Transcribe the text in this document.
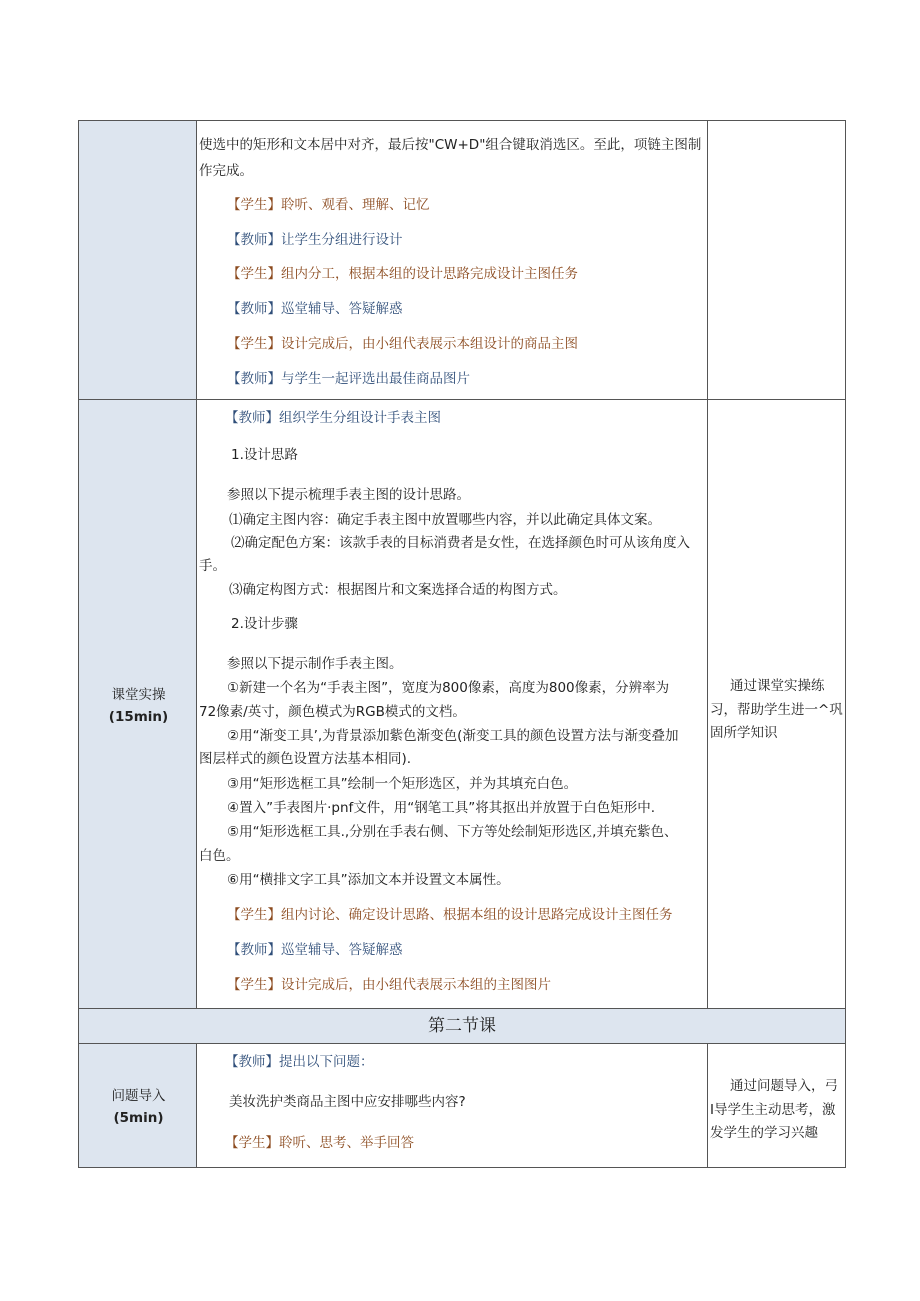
使选中的矩形和文本居中对齐，最后按"CW+D"组合键取消选区。至此，项链主图制
作完成。
【学生】聆听、观看、理解、记忆
【教师】让学生分组进行设计
【学生】组内分工，根据本组的设计思路完成设计主图任务
【教师】巡堂辅导、答疑解惑
【学生】设计完成后，由小组代表展示本组设计的商品主图
【教师】与学生一起评选出最佳商品图片
课堂实操
(15min)
【教师】组织学生分组设计手表主图
1.设计思路
参照以下提示梳理手表主图的设计思路。
⑴确定主图内容：确定手表主图中放置哪些内容，并以此确定具体文案。
⑵确定配色方案：该款手表的目标消费者是女性，在选择颜色时可从该角度入
手。
⑶确定构图方式：根据图片和文案选择合适的构图方式。
2.设计步骤
参照以下提示制作手表主图。
①新建一个名为“手表主图”，宽度为800像素，高度为800像素，分辨率为
72像素/英寸，颜色模式为RGB模式的文档。
②用“渐变工具’,为背景添加紫色渐变色(渐变工具的颜色设置方法与渐变叠加
图层样式的颜色设置方法基本相同).
③用“矩形选框工具”绘制一个矩形选区，并为其填充白色。
④置入”手表图片·pnf文件，用“钢笔工具”将其抠出并放置于白色矩形中.
⑤用“矩形选框工具.,分别在手表右侧、下方等处绘制矩形选区,并填充紫色、
白色。
⑥用“横排文字工具”添加文本并设置文本属性。
【学生】组内讨论、确定设计思路、根据本组的设计思路完成设计主图任务
【教师】巡堂辅导、答疑解惑
【学生】设计完成后，由小组代表展示本组的主图图片
通过课堂实操练
习，帮助学生进一^巩
固所学知识
第二节课
问题导入
(5min)
【教师】提出以下问题：
美妆洗护类商品主图中应安排哪些内容?
【学生】聆听、思考、举手回答
通过问题导入，弓
I导学生主动思考，激
发学生的学习兴趣
